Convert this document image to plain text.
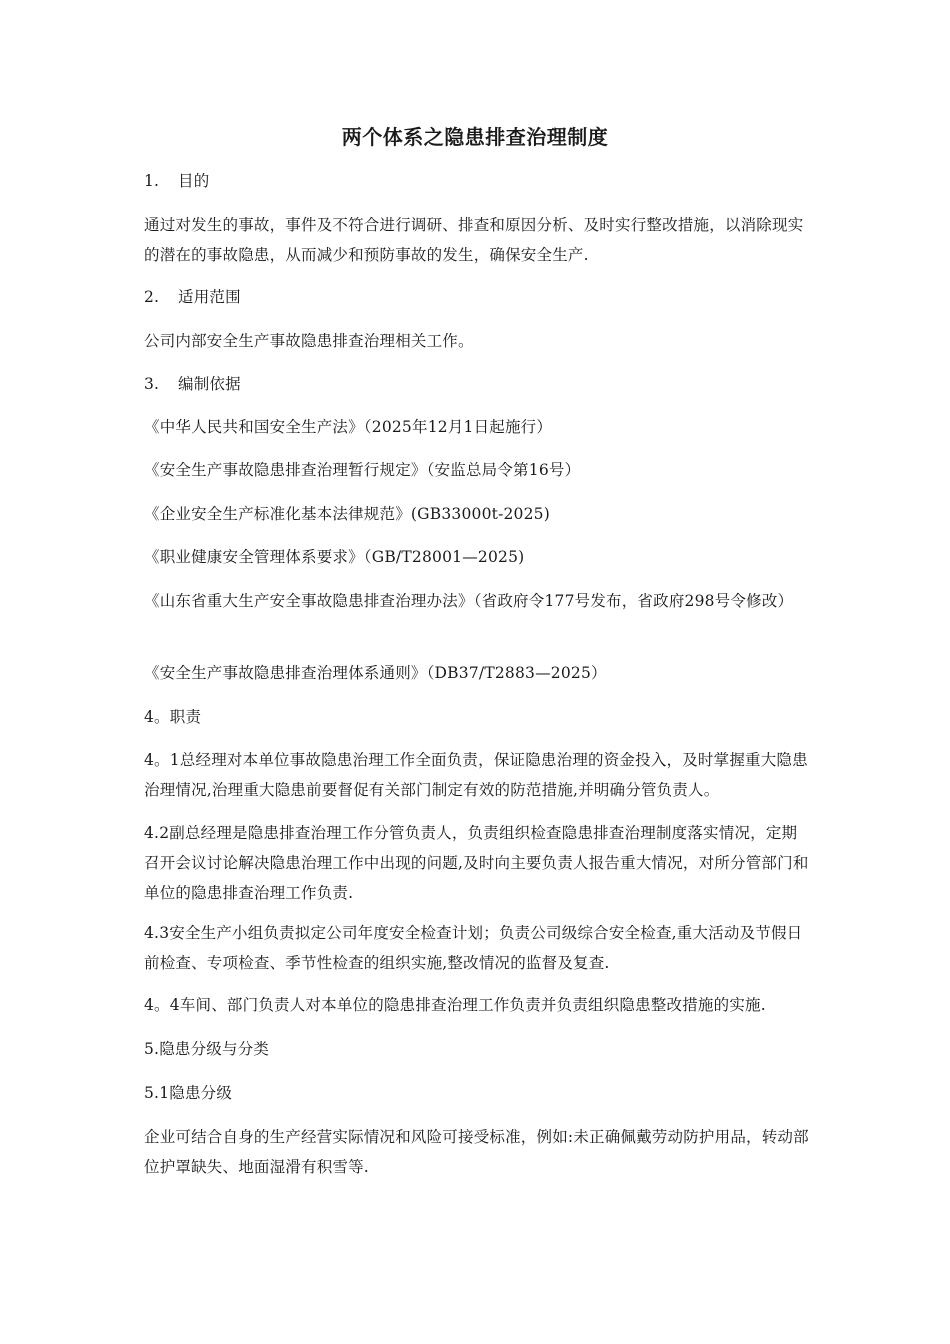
两个体系之隐患排查治理制度

1. 目的

通过对发生的事故，事件及不符合进行调研、排查和原因分析、及时实行整改措施，以消除现实的潜在的事故隐患，从而减少和预防事故的发生，确保安全生产.

2. 适用范围

公司内部安全生产事故隐患排查治理相关工作。

3. 编制依据

《中华人民共和国安全生产法》（2025年12月1日起施行）

《安全生产事故隐患排查治理暂行规定》（安监总局令第16号）

《企业安全生产标准化基本法律规范》(GB33000t-2025)

《职业健康安全管理体系要求》（GB/T28001—2025)

《山东省重大生产安全事故隐患排查治理办法》（省政府令177号发布，省政府298号令修改）

《安全生产事故隐患排查治理体系通则》（DB37/T2883—2025）

4。职责

4。1总经理对本单位事故隐患治理工作全面负责，保证隐患治理的资金投入，及时掌握重大隐患治理情况,治理重大隐患前要督促有关部门制定有效的防范措施,并明确分管负责人。

4.2副总经理是隐患排查治理工作分管负责人，负责组织检查隐患排查治理制度落实情况，定期召开会议讨论解决隐患治理工作中出现的问题,及时向主要负责人报告重大情况，对所分管部门和单位的隐患排查治理工作负责.

4.3安全生产小组负责拟定公司年度安全检查计划；负责公司级综合安全检查,重大活动及节假日前检查、专项检查、季节性检查的组织实施,整改情况的监督及复查.

4。4车间、部门负责人对本单位的隐患排查治理工作负责并负责组织隐患整改措施的实施.

5.隐患分级与分类

5.1隐患分级

企业可结合自身的生产经营实际情况和风险可接受标准，例如:未正确佩戴劳动防护用品，转动部位护罩缺失、地面湿滑有积雪等.
